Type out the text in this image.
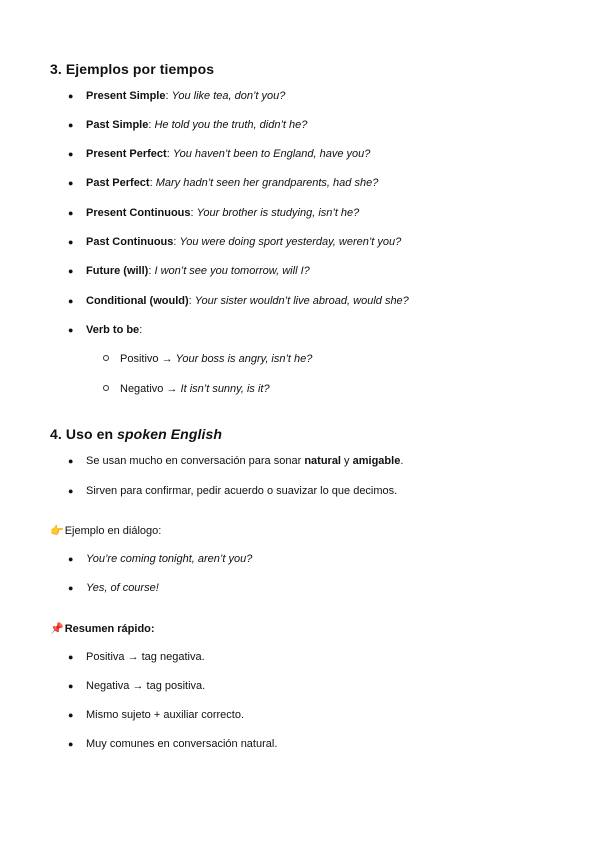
3. Ejemplos por tiempos
● Present Simple: You like tea, don’t you?
● Past Simple: He told you the truth, didn’t he?
● Present Perfect: You haven’t been to England, have you?
● Past Perfect: Mary hadn’t seen her grandparents, had she?
● Present Continuous: Your brother is studying, isn’t he?
● Past Continuous: You were doing sport yesterday, weren’t you?
● Future (will): I won’t see you tomorrow, will I?
● Conditional (would): Your sister wouldn’t live abroad, would she?
● Verb to be:
Positivo → Your boss is angry, isn’t he?
Negativo → It isn’t sunny, is it?
4. Uso en spoken English
● Se usan mucho en conversación para sonar natural y amigable.
● Sirven para confirmar, pedir acuerdo o suavizar lo que decimos.
👉Ejemplo en diálogo:
● You’re coming tonight, aren’t you?
● Yes, of course!
📌Resumen rápido:
● Positiva → tag negativa.
● Negativa → tag positiva.
● Mismo sujeto + auxiliar correcto.
● Muy comunes en conversación natural.
